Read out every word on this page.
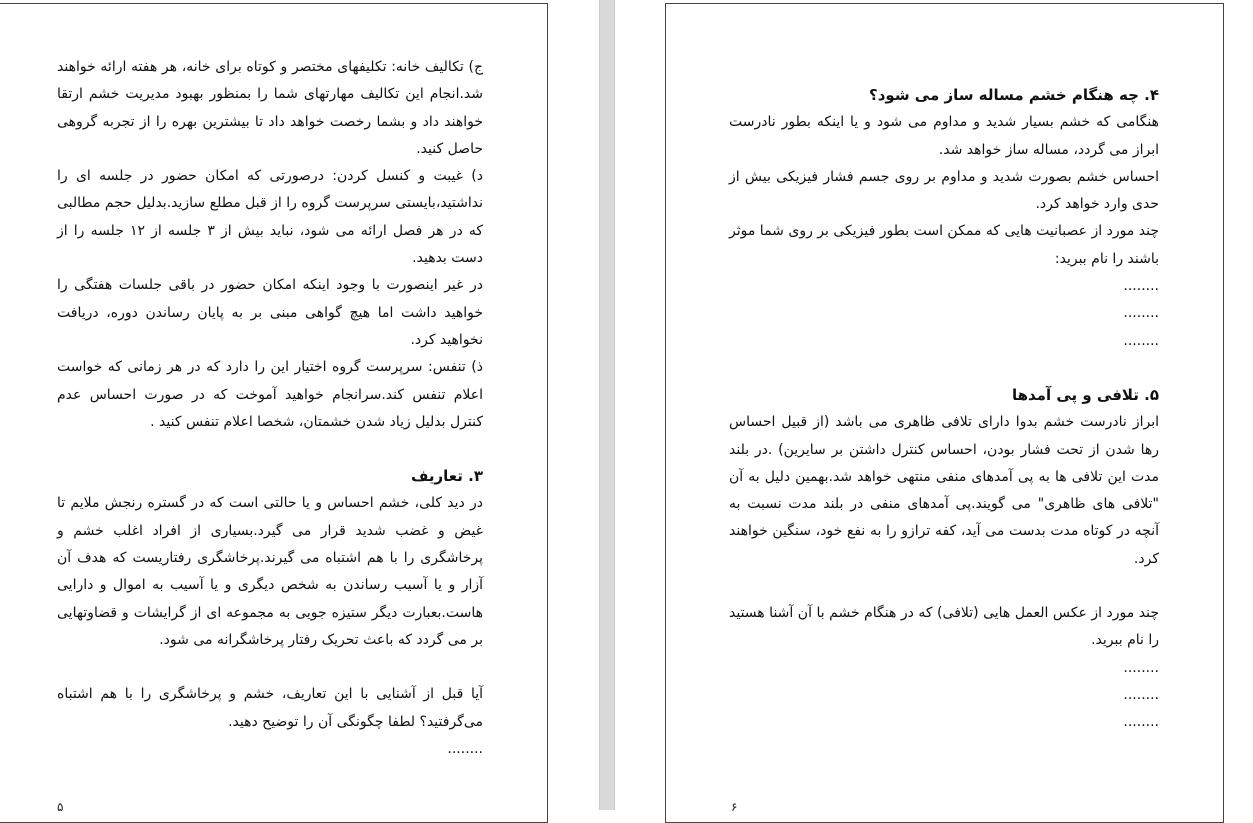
ج) تکالیف خانه: تکلیفهای مختصر و کوتاه برای خانه، هر هفته ارائه خواهند شد.انجام این تکالیف مهارتهای شما را بمنظور بهبود مدیریت خشم ارتقا خواهند داد و بشما رخصت خواهد داد تا بیشترین بهره را از تجربه گروهی حاصل کنید.

د) غیبت و کنسل کردن: درصورتی که امکان حضور در جلسه ای را نداشتید،بایستی سرپرست گروه را از قبل مطلع سازید.بدلیل حجم مطالبی که در هر فصل ارائه می شود، نباید بیش از ۳ جلسه از ۱۲ جلسه را از دست بدهید.

در غیر اینصورت با وجود اینکه امکان حضور در باقی جلسات هفتگی را خواهید داشت اما هیچ گواهی مبنی بر به پایان رساندن دوره، دریافت نخواهید کرد.

ذ) تنفس: سرپرست گروه اختیار این را دارد که در هر زمانی که خواست اعلام تنفس کند.سرانجام خواهید آموخت که در صورت احساس عدم کنترل بدلیل زیاد شدن خشمتان، شخصا اعلام تنفس کنید .

۳. تعاریف

در دید کلی، خشم احساس و یا حالتی است که در گستره رنجش ملایم تا غیض و غضب شدید قرار می گیرد.بسیاری از افراد اغلب خشم و پرخاشگری را با هم اشتباه می گیرند.پرخاشگری رفتاریست که هدف آن آزار و یا آسیب رساندن به شخص دیگری و یا آسیب به اموال و دارایی هاست.بعبارت دیگر ستیزه جویی به مجموعه ای از گرایشات و قضاوتهایی بر می گردد که باعث تحریک رفتار پرخاشگرانه می شود.

آیا قبل از آشنایی با این تعاریف، خشم و پرخاشگری را با هم اشتباه می‌گرفتید؟ لطفا چگونگی آن را توضیح دهید.

........
۵
۴. چه هنگام خشم مساله ساز می شود؟

هنگامی که خشم بسیار شدید و مداوم می شود و یا اینکه بطور نادرست ابراز می گردد، مساله ساز خواهد شد.

احساس خشم بصورت شدید و مداوم بر روی جسم فشار فیزیکی بیش از حدی وارد خواهد کرد.

چند مورد از عصبانیت هایی که ممکن است بطور فیزیکی بر روی شما موثر باشند را نام ببرید:

........
........
........
۵. تلافی و پی آمدها

ابراز نادرست خشم بدوا دارای تلافی ظاهری می باشد (از قبیل احساس رها شدن از تحت فشار بودن، احساس کنترل داشتن بر سایرین) .در بلند مدت این تلافی ها به پی آمدهای منفی منتهی خواهد شد.بهمین دلیل به آن "تلافی های ظاهری" می گویند.پی آمدهای منفی در بلند مدت نسبت به آنچه در کوتاه مدت بدست می آید، کفه ترازو را به نفع خود، سنگین خواهند کرد.

چند مورد از عکس العمل هایی (تلافی) که در هنگام خشم با آن آشنا هستید را نام ببرید.

........
........
........
۶
